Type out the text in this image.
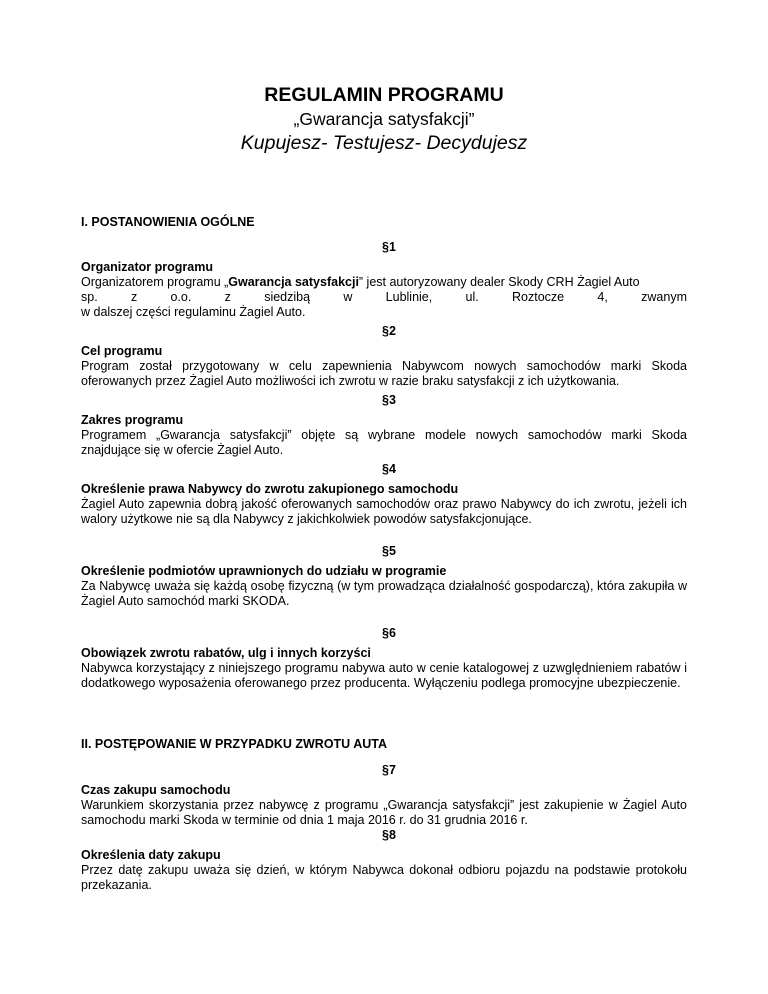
REGULAMIN PROGRAMU
„Gwarancja satysfakcji”
Kupujesz- Testujesz- Decydujesz
I. POSTANOWIENIA OGÓLNE
§1
Organizator programu
Organizatorem programu „Gwarancja satysfakcji” jest autoryzowany dealer Skody CRH Żagiel Auto
sp. z o.o. z siedzibą w Lublinie, ul. Roztocze 4, zwanym
w dalszej części regulaminu Żagiel Auto.
§2
Cel programu
Program został przygotowany w celu zapewnienia Nabywcom nowych samochodów marki Skoda oferowanych przez Żagiel Auto możliwości ich zwrotu w razie braku satysfakcji z ich użytkowania.
§3
Zakres programu
Programem „Gwarancja satysfakcji” objęte są wybrane modele nowych samochodów marki Skoda znajdujące się w ofercie Żagiel Auto.
§4
Określenie prawa Nabywcy do zwrotu zakupionego samochodu
Żagiel Auto zapewnia dobrą jakość oferowanych samochodów oraz prawo Nabywcy do ich zwrotu, jeżeli ich walory użytkowe nie są dla Nabywcy z jakichkolwiek powodów satysfakcjonujące.
§5
Określenie podmiotów uprawnionych do udziału w programie
Za Nabywcę uważa się każdą osobę fizyczną (w tym prowadząca działalność gospodarczą), która zakupiła w Żagiel Auto samochód marki SKODA.
§6
Obowiązek zwrotu rabatów, ulg i innych korzyści
Nabywca korzystający z niniejszego programu nabywa auto w cenie katalogowej z uzwględnieniem rabatów i dodatkowego wyposażenia oferowanego przez producenta. Wyłączeniu podlega promocyjne ubezpieczenie.
II. POSTĘPOWANIE W PRZYPADKU ZWROTU AUTA
§7
Czas zakupu samochodu
Warunkiem skorzystania przez nabywcę z programu „Gwarancja satysfakcji” jest zakupienie w Żagiel Auto samochodu marki Skoda w terminie od dnia 1 maja 2016 r. do 31 grudnia 2016 r.
§8
Określenia daty zakupu
Przez datę zakupu uważa się dzień, w którym Nabywca dokonał odbioru pojazdu na podstawie protokołu przekazania.
